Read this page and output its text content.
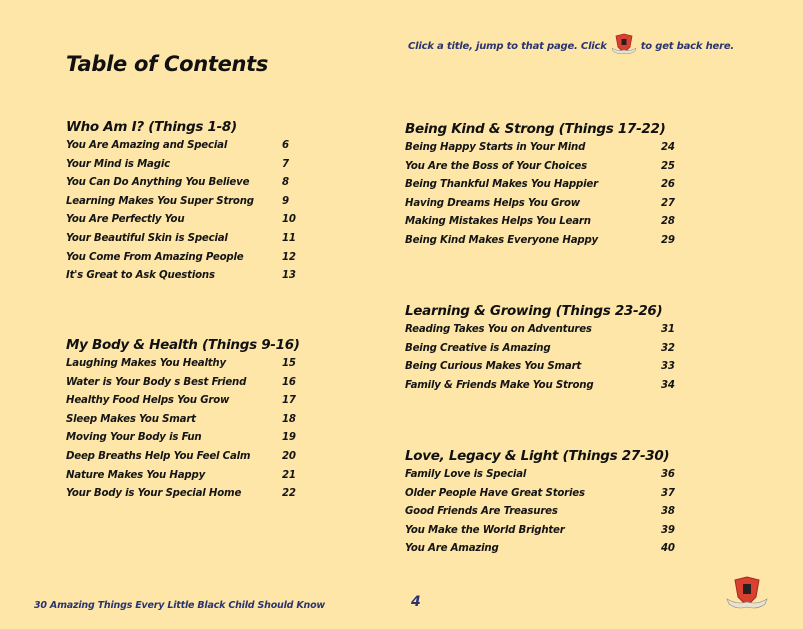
Click a title, jump to that page. Click	to get back here.
Table of Contents
Who Am I? (Things 1-8)
You Are Amazing and Special	6
Your Mind is Magic	7
You Can Do Anything You Believe	8
Learning Makes You Super Strong	9
You Are Perfectly You	10
Your Beautiful Skin is Special	11
You Come From Amazing People	12
It's Great to Ask Questions	13
My Body & Health (Things 9-16)
Laughing Makes You Healthy	15
Water is Your Body s Best Friend	16
Healthy Food Helps You Grow	17
Sleep Makes You Smart	18
Moving Your Body is Fun	19
Deep Breaths Help You Feel Calm	20
Nature Makes You Happy	21
Your Body is Your Special Home	22
Being Kind & Strong (Things 17-22)
Being Happy Starts in Your Mind	24
You Are the Boss of Your Choices	25
Being Thankful Makes You Happier	26
Having Dreams Helps You Grow	27
Making Mistakes Helps You Learn	28
Being Kind Makes Everyone Happy	29
Learning & Growing (Things 23-26)
Reading Takes You on Adventures	31
Being Creative is Amazing	32
Being Curious Makes You Smart	33
Family & Friends Make You Strong	34
Love, Legacy & Light (Things 27-30)
Family Love is Special	36
Older People Have Great Stories	37
Good Friends Are Treasures	38
You Make the World Brighter	39
You Are Amazing	40
30 Amazing Things Every Little Black Child Should Know	4
